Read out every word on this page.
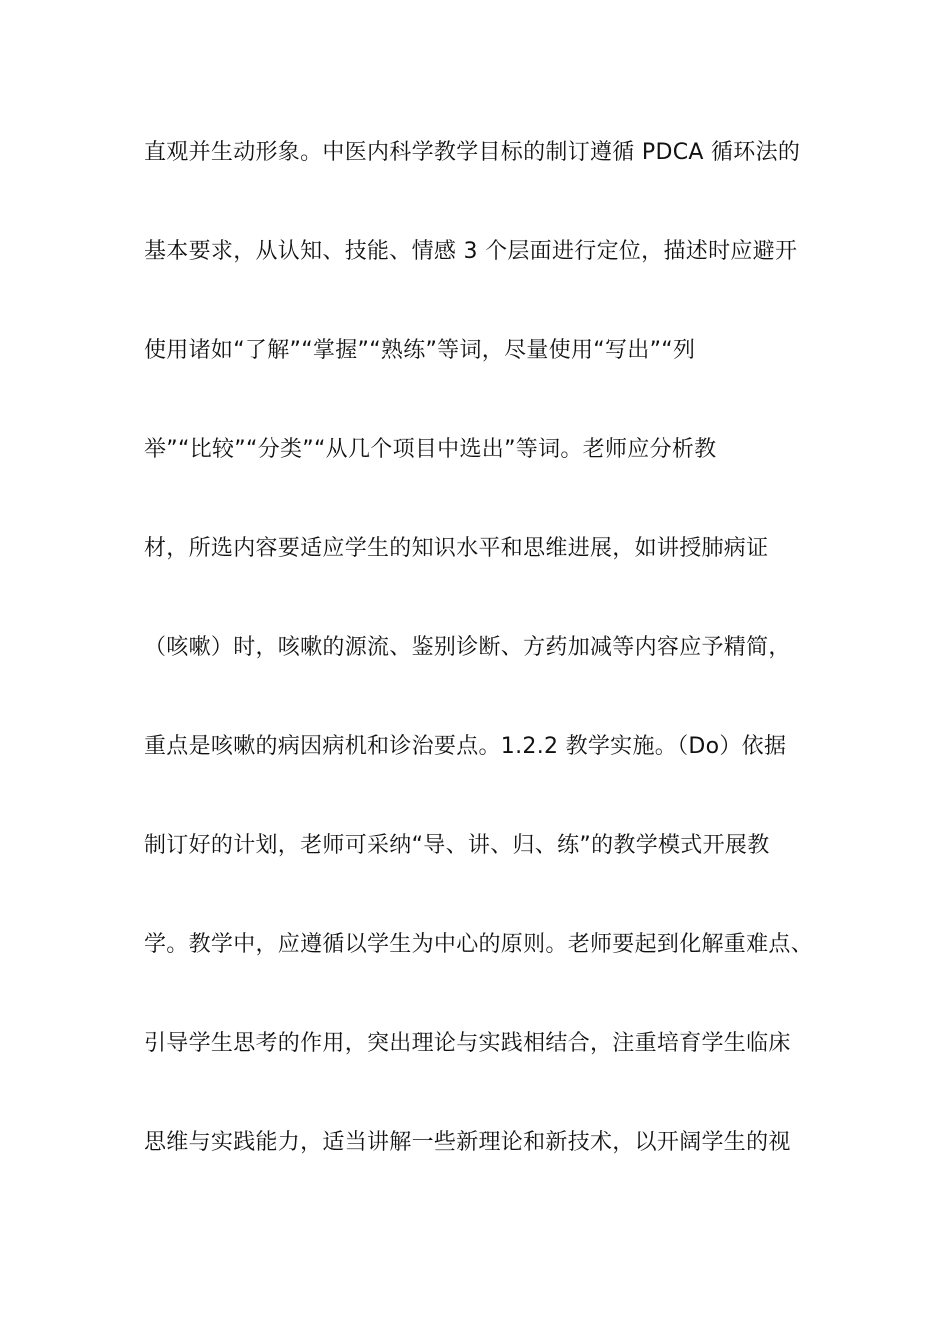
直观并生动形象。中医内科学教学目标的制订遵循 PDCA 循环法的
基本要求，从认知、技能、情感 3 个层面进行定位，描述时应避开
使用诸如“了解”“掌握”“熟练”等词，尽量使用“写出”“列
举”“比较”“分类”“从几个项目中选出”等词。老师应分析教
材，所选内容要适应学生的知识水平和思维进展，如讲授肺病证
（咳嗽）时，咳嗽的源流、鉴别诊断、方药加减等内容应予精简，
重点是咳嗽的病因病机和诊治要点。1.2.2 教学实施。（Do）依据
制订好的计划，老师可采纳“导、讲、归、练”的教学模式开展教
学。教学中，应遵循以学生为中心的原则。老师要起到化解重难点、
引导学生思考的作用，突出理论与实践相结合，注重培育学生临床
思维与实践能力，适当讲解一些新理论和新技术，以开阔学生的视
